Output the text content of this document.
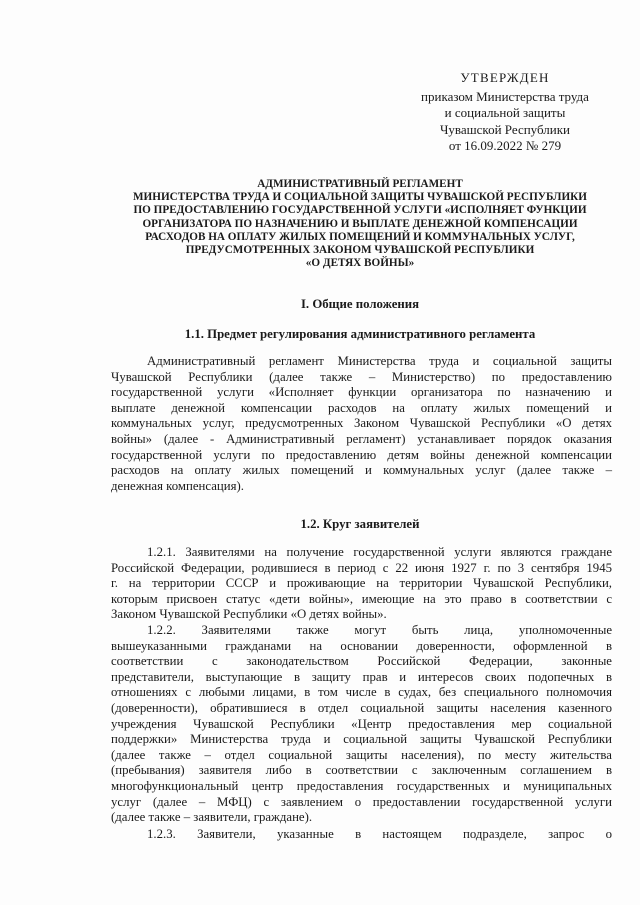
УТВЕРЖДЕН
приказом Министерства труда
и социальной защиты
Чувашской Республики
от 16.09.2022 № 279
АДМИНИСТРАТИВНЫЙ РЕГЛАМЕНТ
МИНИСТЕРСТВА ТРУДА И СОЦИАЛЬНОЙ ЗАЩИТЫ ЧУВАШСКОЙ РЕСПУБЛИКИ
ПО ПРЕДОСТАВЛЕНИЮ ГОСУДАРСТВЕННОЙ УСЛУГИ «ИСПОЛНЯЕТ ФУНКЦИИ
ОРГАНИЗАТОРА ПО НАЗНАЧЕНИЮ И ВЫПЛАТЕ ДЕНЕЖНОЙ КОМПЕНСАЦИИ
РАСХОДОВ НА ОПЛАТУ ЖИЛЫХ ПОМЕЩЕНИЙ И КОММУНАЛЬНЫХ УСЛУГ,
ПРЕДУСМОТРЕННЫХ ЗАКОНОМ ЧУВАШСКОЙ РЕСПУБЛИКИ
«О ДЕТЯХ ВОЙНЫ»
I. Общие положения
1.1. Предмет регулирования административного регламента
Административный регламент Министерства труда и социальной защиты
Чувашской Республики (далее также – Министерство) по предоставлению
государственной услуги «Исполняет функции организатора по назначению и
выплате денежной компенсации расходов на оплату жилых помещений и
коммунальных услуг, предусмотренных Законом Чувашской Республики «О детях
войны» (далее - Административный регламент) устанавливает порядок оказания
государственной услуги по предоставлению детям войны денежной компенсации
расходов на оплату жилых помещений и коммунальных услуг (далее также –
денежная компенсация).
1.2. Круг заявителей
1.2.1. Заявителями на получение государственной услуги являются граждане
Российской Федерации, родившиеся в период с 22 июня 1927 г. по 3 сентября 1945
г. на территории СССР и проживающие на территории Чувашской Республики,
которым присвоен статус «дети войны», имеющие на это право в соответствии с
Законом Чувашской Республики «О детях войны».
1.2.2. Заявителями также могут быть лица, уполномоченные
вышеуказанными гражданами на основании доверенности, оформленной в
соответствии с законодательством Российской Федерации, законные
представители, выступающие в защиту прав и интересов своих подопечных в
отношениях с любыми лицами, в том числе в судах, без специального полномочия
(доверенности), обратившиеся в отдел социальной защиты населения казенного
учреждения Чувашской Республики «Центр предоставления мер социальной
поддержки» Министерства труда и социальной защиты Чувашской Республики
(далее также – отдел социальной защиты населения), по месту жительства
(пребывания) заявителя либо в соответствии с заключенным соглашением в
многофункциональный центр предоставления государственных и муниципальных
услуг (далее – МФЦ) с заявлением о предоставлении государственной услуги
(далее также – заявители, граждане).
1.2.3. Заявители, указанные в настоящем подразделе, запрос о
